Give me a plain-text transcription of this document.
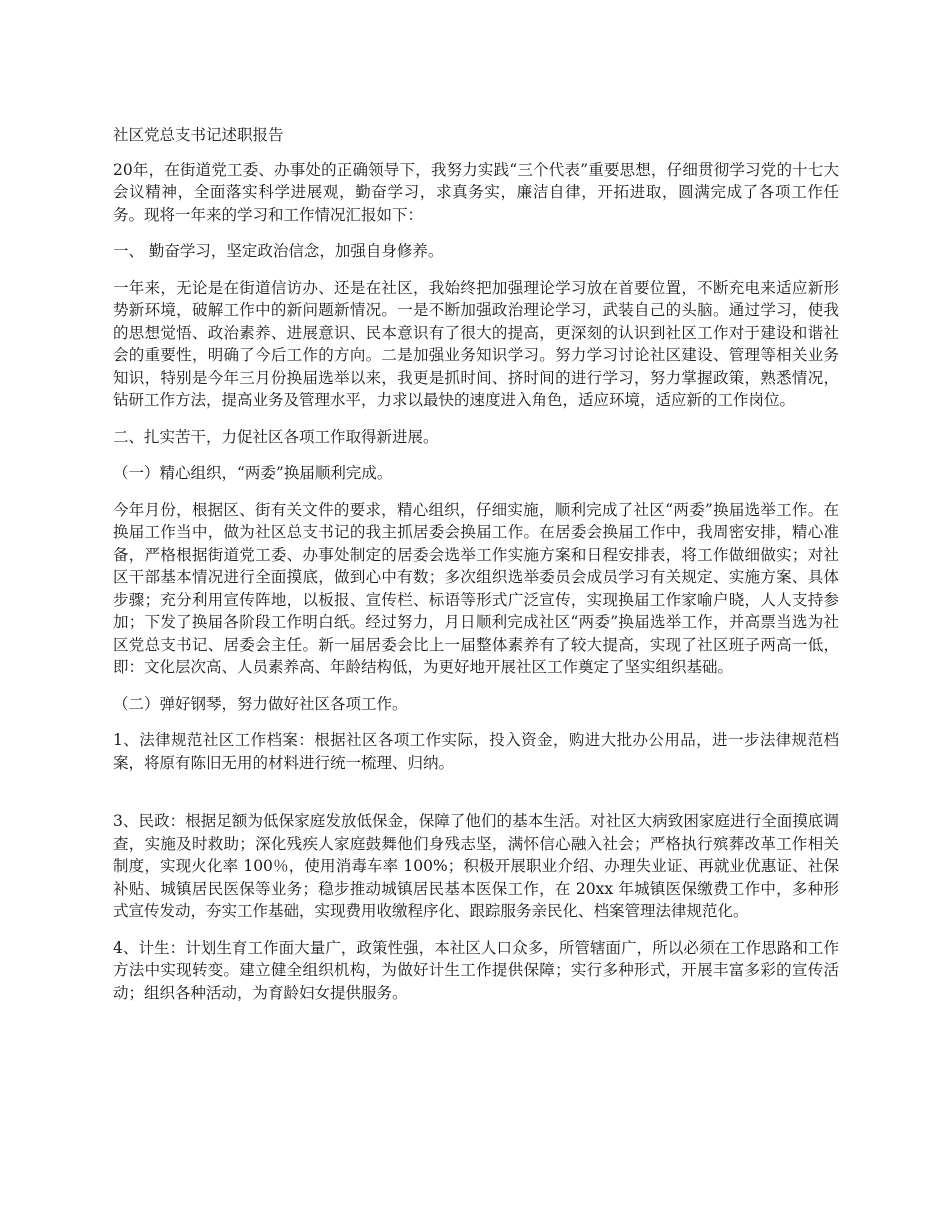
社区党总支书记述职报告

20年，在街道党工委、办事处的正确领导下，我努力实践“三个代表”重要思想，仔细贯彻学习党的十七大会议精神，全面落实科学进展观，勤奋学习，求真务实，廉洁自律，开拓进取，圆满完成了各项工作任务。现将一年来的学习和工作情况汇报如下：

一、 勤奋学习，坚定政治信念，加强自身修养。

一年来，无论是在街道信访办、还是在社区，我始终把加强理论学习放在首要位置，不断充电来适应新形势新环境，破解工作中的新问题新情况。一是不断加强政治理论学习，武装自己的头脑。通过学习，使我的思想觉悟、政治素养、进展意识、民本意识有了很大的提高，更深刻的认识到社区工作对于建设和谐社会的重要性，明确了今后工作的方向。二是加强业务知识学习。努力学习讨论社区建设、管理等相关业务知识，特别是今年三月份换届选举以来，我更是抓时间、挤时间的进行学习，努力掌握政策，熟悉情况，钻研工作方法，提高业务及管理水平，力求以最快的速度进入角色，适应环境，适应新的工作岗位。

二、扎实苦干，力促社区各项工作取得新进展。

（一）精心组织，“两委”换届顺利完成。

今年月份，根据区、街有关文件的要求，精心组织，仔细实施，顺利完成了社区“两委”换届选举工作。在换届工作当中，做为社区总支书记的我主抓居委会换届工作。在居委会换届工作中，我周密安排，精心准备，严格根据街道党工委、办事处制定的居委会选举工作实施方案和日程安排表，将工作做细做实；对社区干部基本情况进行全面摸底，做到心中有数；多次组织选举委员会成员学习有关规定、实施方案、具体步骤；充分利用宣传阵地，以板报、宣传栏、标语等形式广泛宣传，实现换届工作家喻户晓，人人支持参加；下发了换届各阶段工作明白纸。经过努力，月日顺利完成社区“两委”换届选举工作，并高票当选为社区党总支书记、居委会主任。新一届居委会比上一届整体素养有了较大提高，实现了社区班子两高一低，即：文化层次高、人员素养高、年龄结构低，为更好地开展社区工作奠定了坚实组织基础。

（二）弹好钢琴，努力做好社区各项工作。

1、法律规范社区工作档案：根据社区各项工作实际，投入资金，购进大批办公用品，进一步法律规范档案，将原有陈旧无用的材料进行统一梳理、归纳。

3、民政：根据足额为低保家庭发放低保金，保障了他们的基本生活。对社区大病致困家庭进行全面摸底调查，实施及时救助；深化残疾人家庭鼓舞他们身残志坚，满怀信心融入社会；严格执行殡葬改革工作相关制度，实现火化率 100％，使用消毒车率 100%；积极开展职业介绍、办理失业证、再就业优惠证、社保补贴、城镇居民医保等业务；稳步推动城镇居民基本医保工作，在 20xx 年城镇医保缴费工作中，多种形式宣传发动，夯实工作基础，实现费用收缴程序化、跟踪服务亲民化、档案管理法律规范化。

4、计生：计划生育工作面大量广，政策性强，本社区人口众多，所管辖面广，所以必须在工作思路和工作方法中实现转变。建立健全组织机构，为做好计生工作提供保障；实行多种形式，开展丰富多彩的宣传活动；组织各种活动，为育龄妇女提供服务。
